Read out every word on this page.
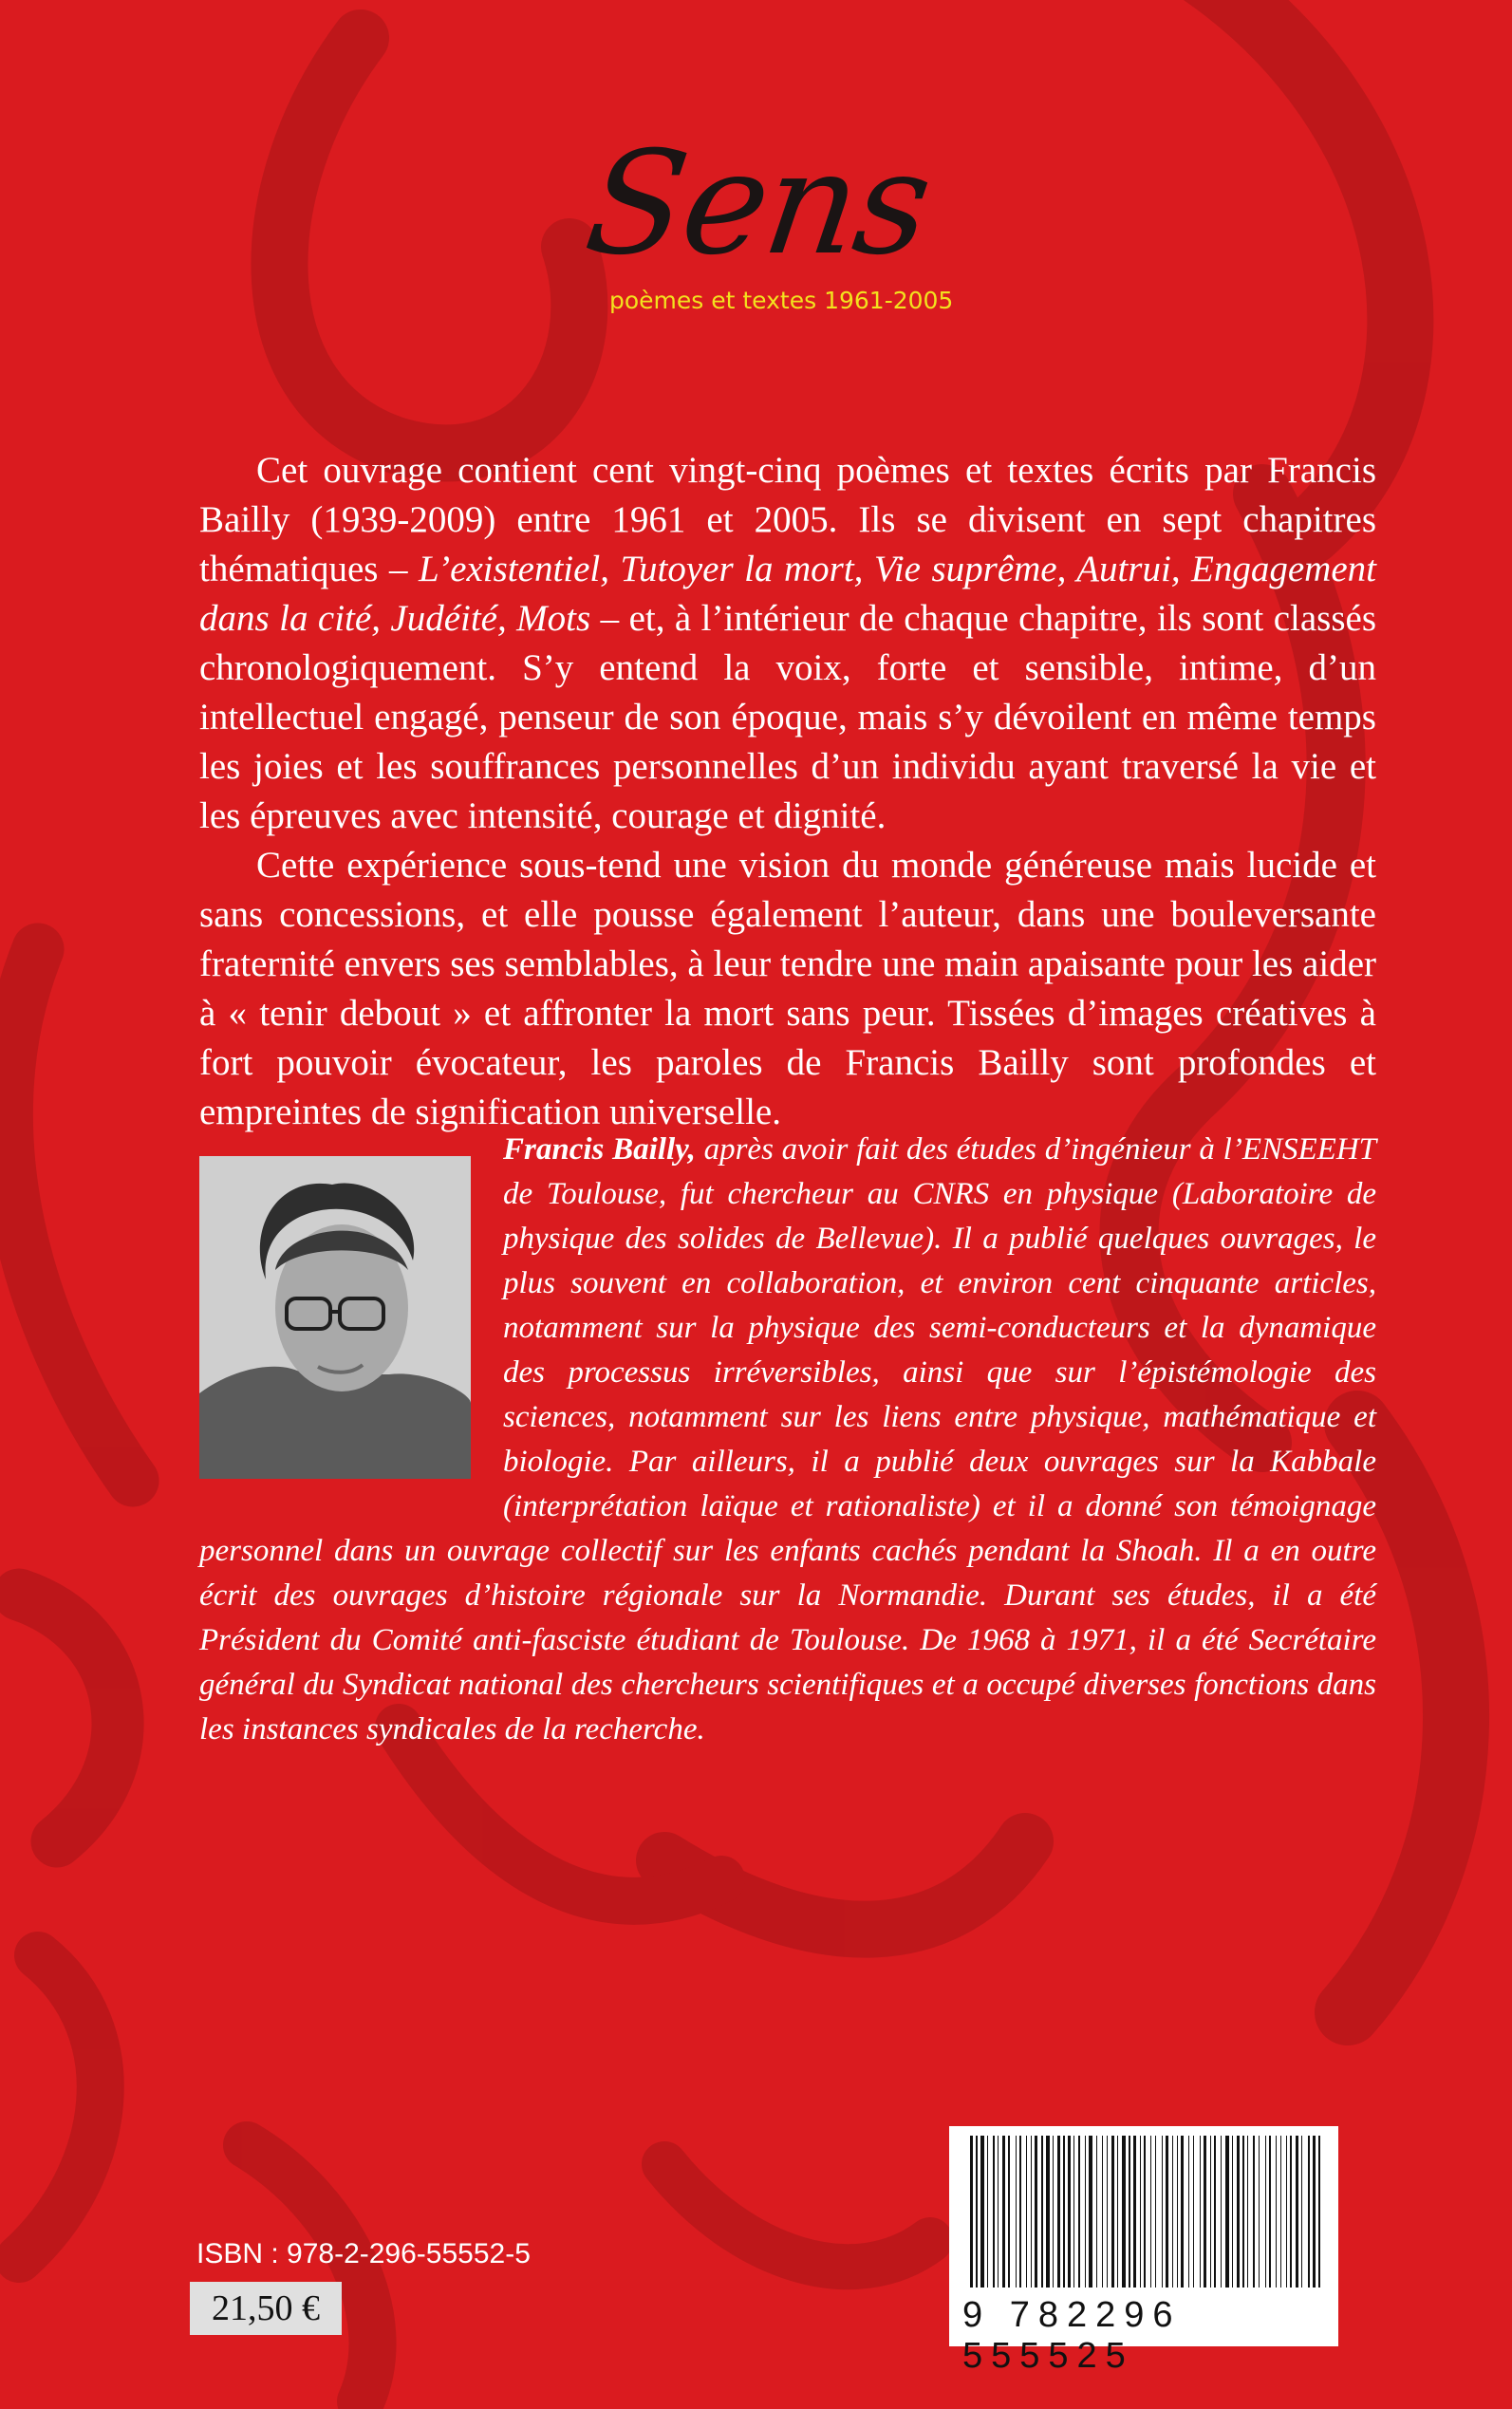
Sens
poèmes et textes 1961-2005

Cet ouvrage contient cent vingt-cinq poèmes et textes écrits par Francis Bailly (1939-2009) entre 1961 et 2005. Ils se divisent en sept chapitres thématiques – L’existentiel, Tutoyer la mort, Vie suprême, Autrui, Engagement dans la cité, Judéité, Mots – et, à l’intérieur de chaque chapitre, ils sont classés chronologiquement. S’y entend la voix, forte et sensible, intime, d’un intellectuel engagé, penseur de son époque, mais s’y dévoilent en même temps les joies et les souffrances personnelles d’un individu ayant traversé la vie et les épreuves avec intensité, courage et dignité.

Cette expérience sous-tend une vision du monde généreuse mais lucide et sans concessions, et elle pousse également l’auteur, dans une bouleversante fraternité envers ses semblables, à leur tendre une main apaisante pour les aider à « tenir debout » et affronter la mort sans peur. Tissées d’images créatives à fort pouvoir évocateur, les paroles de Francis Bailly sont profondes et empreintes de signification universelle.

Francis Bailly, après avoir fait des études d’ingénieur à l’ENSEEHT de Toulouse, fut chercheur au CNRS en physique (Laboratoire de physique des solides de Bellevue). Il a publié quelques ouvrages, le plus souvent en collaboration, et environ cent cinquante articles, notamment sur la physique des semi-conducteurs et la dynamique des processus irréversibles, ainsi que sur l’épistémologie des sciences, notamment sur les liens entre physique, mathématique et biologie. Par ailleurs, il a publié deux ouvrages sur la Kabbale (interprétation laïque et rationaliste) et il a donné son témoignage personnel dans un ouvrage collectif sur les enfants cachés pendant la Shoah. Il a en outre écrit des ouvrages d’histoire régionale sur la Normandie. Durant ses études, il a été Président du Comité anti-fasciste étudiant de Toulouse. De 1968 à 1971, il a été Secrétaire général du Syndicat national des chercheurs scientifiques et a occupé diverses fonctions dans les instances syndicales de la recherche.

ISBN : 978-2-296-55552-5
21,50 €	9 782296 555525
